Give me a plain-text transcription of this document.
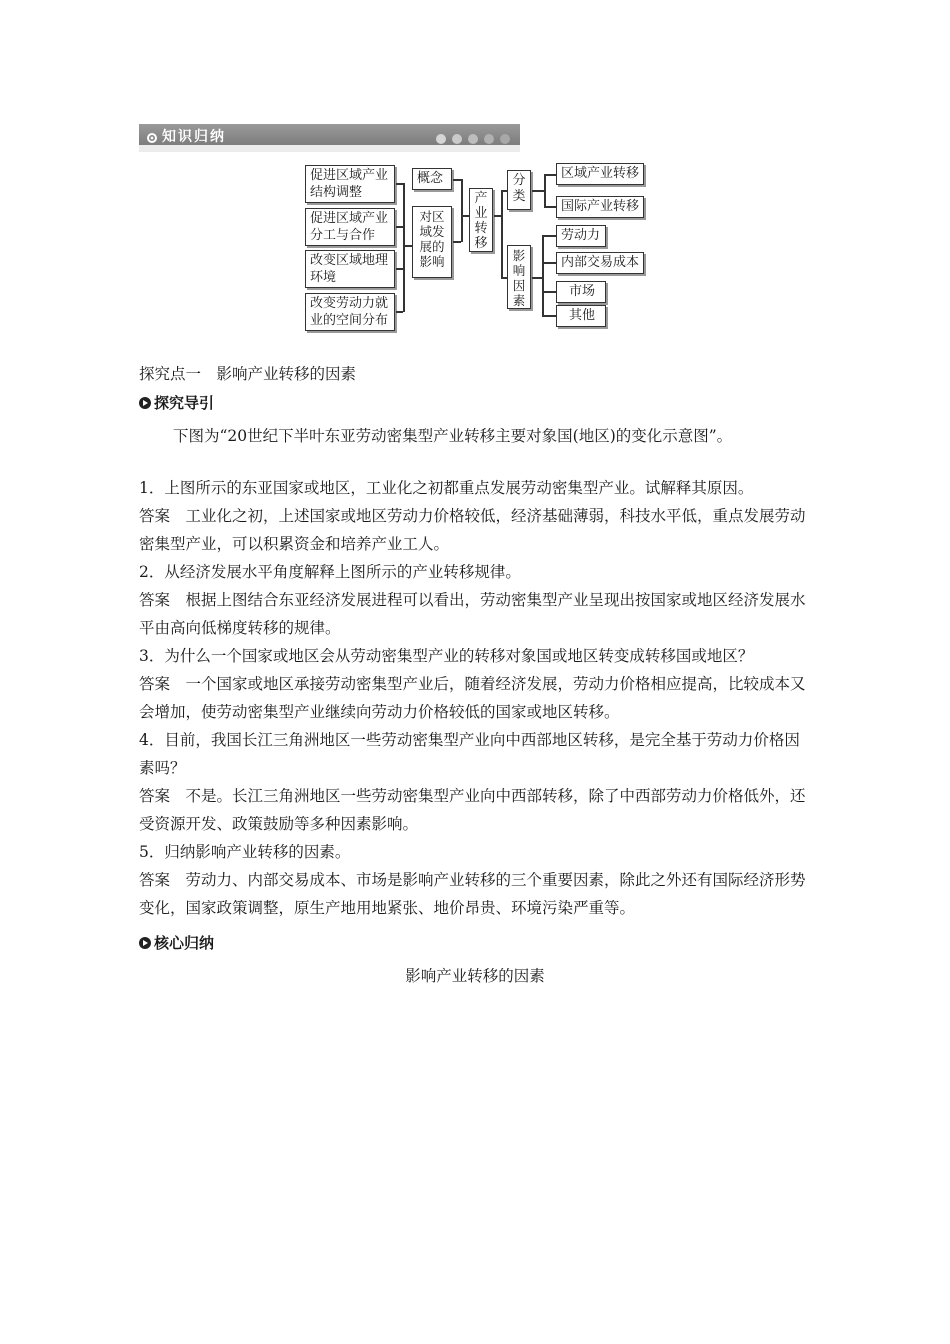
知识归纳
促进区域产业结构调整
促进区域产业分工与合作
改变区域地理环境
改变劳动力就业的空间分布
概念
对区域发展的影响
产业转移
分类
区域产业转移
国际产业转移
影响因素
劳动力
内部交易成本
市场
其他
探究点一　影响产业转移的因素
探究导引
下图为“20世纪下半叶东亚劳动密集型产业转移主要对象国(地区)的变化示意图”。
1．上图所示的东亚国家或地区，工业化之初都重点发展劳动密集型产业。试解释其原因。
答案　工业化之初，上述国家或地区劳动力价格较低，经济基础薄弱，科技水平低，重点发展劳动密集型产业，可以积累资金和培养产业工人。
2．从经济发展水平角度解释上图所示的产业转移规律。
答案　根据上图结合东亚经济发展进程可以看出，劳动密集型产业呈现出按国家或地区经济发展水平由高向低梯度转移的规律。
3．为什么一个国家或地区会从劳动密集型产业的转移对象国或地区转变成转移国或地区？
答案　一个国家或地区承接劳动密集型产业后，随着经济发展，劳动力价格相应提高，比较成本又会增加，使劳动密集型产业继续向劳动力价格较低的国家或地区转移。
4．目前，我国长江三角洲地区一些劳动密集型产业向中西部地区转移，是完全基于劳动力价格因素吗？
答案　不是。长江三角洲地区一些劳动密集型产业向中西部转移，除了中西部劳动力价格低外，还受资源开发、政策鼓励等多种因素影响。
5．归纳影响产业转移的因素。
答案　劳动力、内部交易成本、市场是影响产业转移的三个重要因素，除此之外还有国际经济形势变化，国家政策调整，原生产地用地紧张、地价昂贵、环境污染严重等。
核心归纳
影响产业转移的因素
